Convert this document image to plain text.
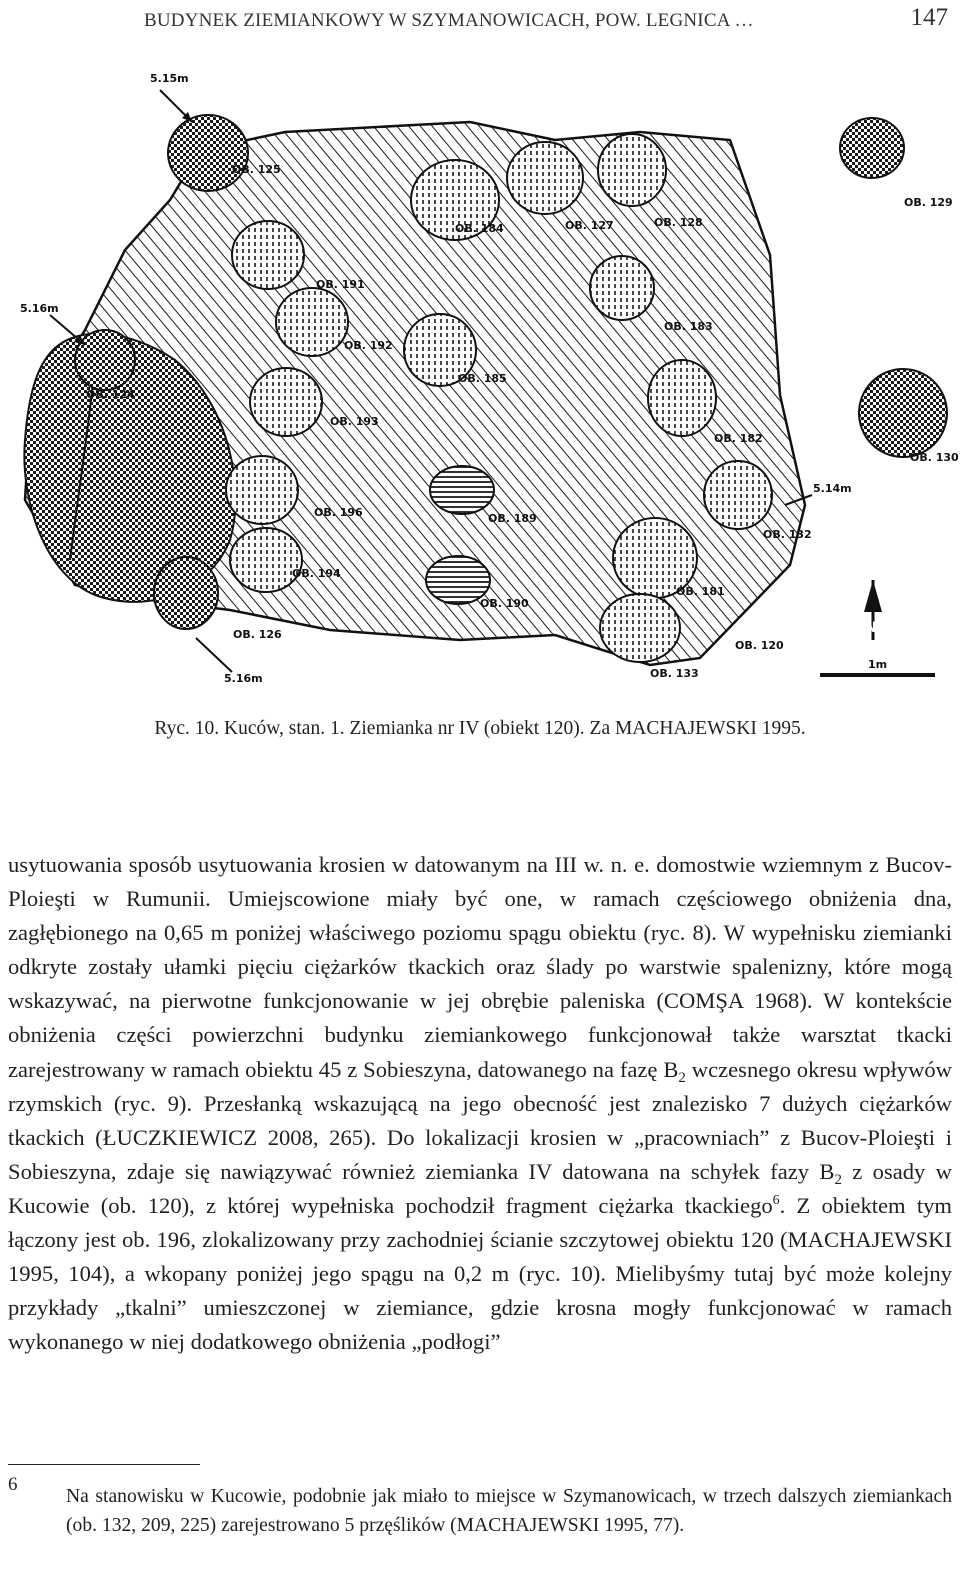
BUDYNEK ZIEMIANKOWY W SZYMANOWICACH, POW. LEGNICA …	147
N
1m
5.15m
5.16m
5.16m
5.14m
OB. 125
OB. 184	OB. 127	OB. 128
OB. 129
OB. 191
OB. 192
OB. 183
OB. 185
OB. 124
OB. 193
OB. 182
OB. 130
OB. 196	OB. 189
OB. 132
OB. 194
OB. 190
OB. 181
OB. 126
OB. 120
OB. 133
Ryc. 10. Kuców, stan. 1. Ziemianka nr IV (obiekt 120). Za MACHAJEWSKI 1995.

usytuowania sposób usytuowania krosien w datowanym na III w. n. e. domostwie wziemnym z Bucov-Ploieşti w Rumunii. Umiejscowione miały być one, w ramach częściowego obniżenia dna, zagłębionego na 0,65 m poniżej właściwego poziomu spągu obiektu (ryc. 8). W wypełnisku ziemianki odkryte zostały ułamki pięciu ciężarków tkackich oraz ślady po warstwie spalenizny, które mogą wskazywać, na pierwotne funkcjonowanie w jej obrębie paleniska (COMŞA 1968). W kontekście obniżenia części powierzchni budynku ziemiankowego funkcjonował także warsztat tkacki zarejestrowany w ramach obiektu 45 z Sobieszyna, datowanego na fazę $B_2$ wczesnego okresu wpływów rzymskich (ryc. 9). Przesłanką wskazującą na jego obecność jest znalezisko 7 dużych ciężarków tkackich (ŁUCZKIEWICZ 2008, 265). Do lokalizacji krosien w „pracowniach” z Bucov-Ploieşti i Sobieszyna, zdaje się nawiązywać również ziemianka IV datowana na schyłek fazy $B_2$ z osady w Kucowie (ob. 120), z której wypełniska pochodził fragment ciężarka tkackiego$^6$. Z obiektem tym łączony jest ob. 196, zlokalizowany przy zachodniej ścianie szczytowej obiektu 120 (MACHAJEWSKI 1995, 104), a wkopany poniżej jego spągu na 0,2 m (ryc. 10). Mielibyśmy tutaj być może kolejny przykłady „tkalni” umieszczonej w ziemiance, gdzie krosna mogły funkcjonować w ramach wykonanego w niej dodatkowego obniżenia „podłogi”

6
Na stanowisku w Kucowie, podobnie jak miało to miejsce w Szymanowicach, w trzech dalszych ziemiankach (ob. 132, 209, 225) zarejestrowano 5 przęślików (MACHAJEWSKI 1995, 77).
